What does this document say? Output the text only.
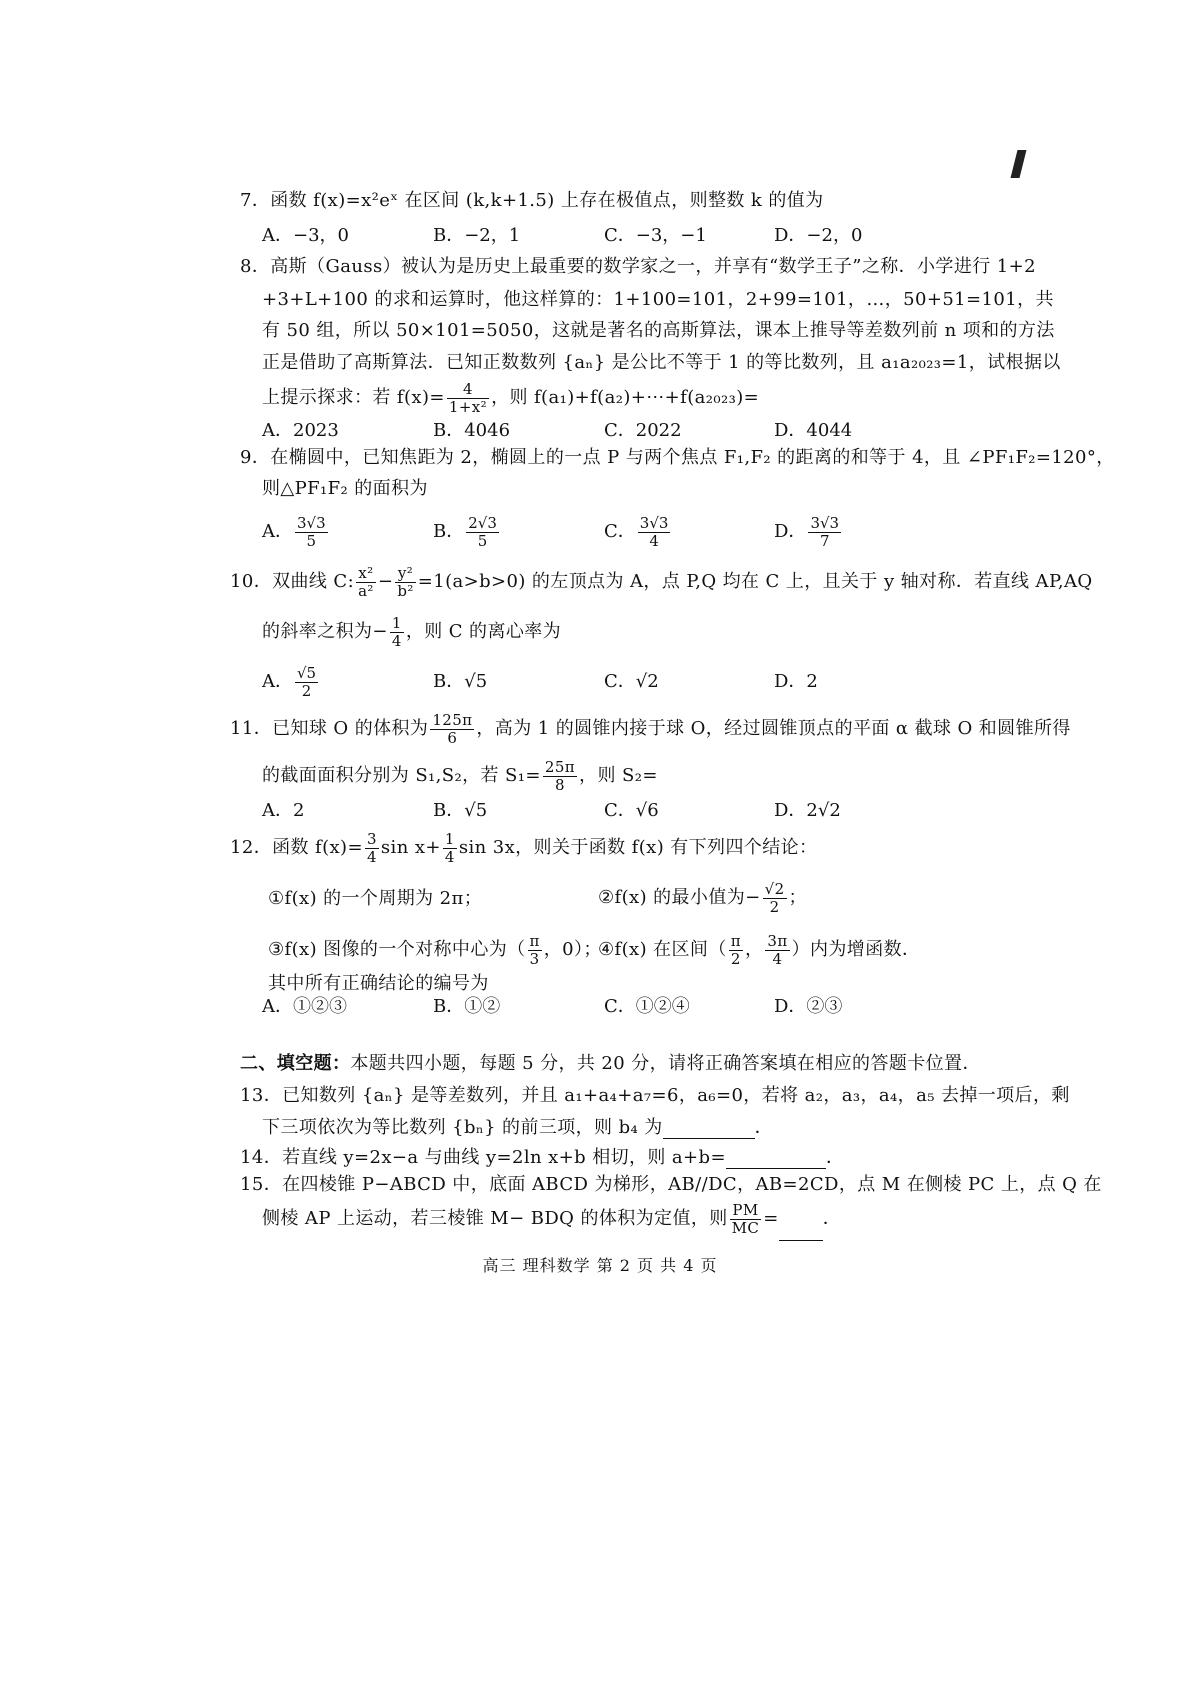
7．函数 f(x)=x²eˣ 在区间 (k,k+1.5) 上存在极值点，则整数 k 的值为
A．−3，0	B．−2，1	C．−3，−1	D．−2，0
8．高斯（Gauss）被认为是历史上最重要的数学家之一，并享有“数学王子”之称．小学进行 1+2
+3+L+100 的求和运算时，他这样算的：1+100=101，2+99=101，…，50+51=101，共
有 50 组，所以 50×101=5050，这就是著名的高斯算法，课本上推导等差数列前 n 项和的方法
正是借助了高斯算法．已知正数数列 {aₙ} 是公比不等于 1 的等比数列，且 a₁a₂₀₂₃=1，试根据以
上提示探求：若 $f(x)= \frac{4}{\text{1+x²}}$ ，则 f(a₁)+f(a₂)+⋯+f(a₂₀₂₃)=
A．2023	B．4046	C．2022	D．4044
9．在椭圆中，已知焦距为 2，椭圆上的一点 P 与两个焦点 F₁,F₂ 的距离的和等于 4，且 ∠PF₁F₂=120°，
则△PF₁F₂ 的面积为
A． $\frac{3√3}{5}$	B． $\frac{2√3}{5}$	C． $\frac{3√3}{4}$	D． $\frac{3√3}{7}$
10．双曲线 C: $\frac{\text{x²}}{\text{a²}} - \frac{\text{y²}}{\text{b²}} =1(a>b>0)$ 的左顶点为 A，点 P,Q 均在 C 上，且关于 y 轴对称．若直线 AP,AQ
的斜率之积为− $\frac{1}{4}$ ，则 C 的离心率为
A． $\frac{√5}{2}$	B．√5	C．√2	D．2
11．已知球 O 的体积为 $\frac{125\pi}{6}$ ，高为 1 的圆锥内接于球 O，经过圆锥顶点的平面 α 截球 O 和圆锥所得
的截面面积分别为 S₁,S₂，若 $S_1= \frac{25\pi}{8}$ ，则 S₂=
A．2	B．√5	C．√6	D．2√2
12．函数 $f(x)= \frac{3}{4}$ $\sin x+ \frac{1}{4}$ sin 3x，则关于函数 f(x) 有下列四个结论：
①f(x) 的一个周期为 2π；	②f(x) 的最小值为− $\frac{√2}{2}$ ；
③f(x) 图像的一个对称中心为（ $\frac{\pi}{3}$ ，0）；
④f(x) 在区间（ $\frac{\pi}{2}$ ， $\frac{3\pi}{4}$ ）内为增函数．
其中所有正确结论的编号为
A．①②③	B．①②	C．①②④	D．②③
二、填空题：本题共四小题，每题 5 分，共 20 分，请将正确答案填在相应的答题卡位置．
13．已知数列 {aₙ} 是等差数列，并且 a₁+a₄+a₇=6，a₆=0，若将 a₂，a₃，a₄，a₅ 去掉一项后，剩
下三项依次为等比数列 {bₙ} 的前三项，则 b₄ 为	．
14．若直线 y=2x−a 与曲线 y=2ln x+b 相切，则 a+b=	．
15．在四棱锥 P−ABCD 中，底面 ABCD 为梯形，AB//DC，AB=2CD，点 M 在侧棱 PC 上，点 Q 在
侧棱 AP 上运动，若三棱锥 M− BDQ 的体积为定值，则 $\frac{PM}{MC}$ = ．
高三 理科数学 第 2 页 共 4 页
